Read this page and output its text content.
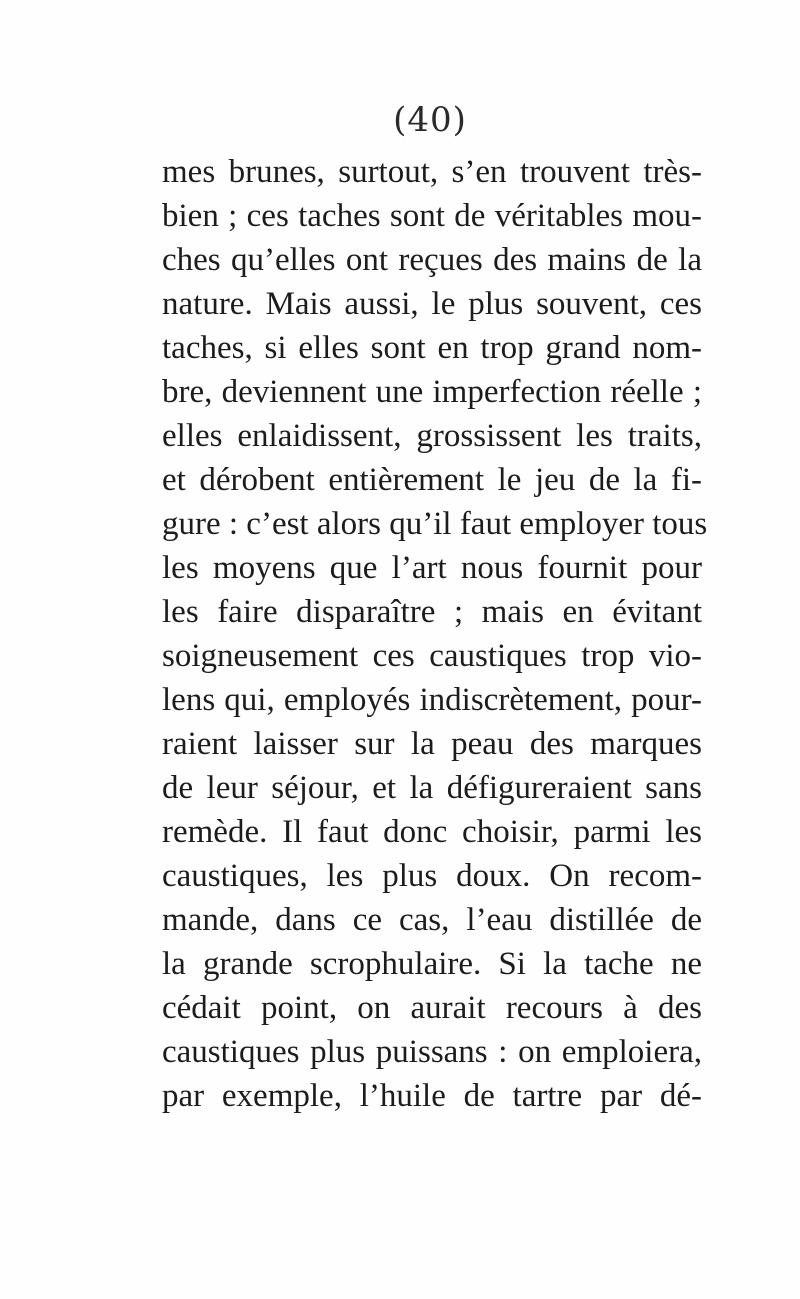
(40)
mes brunes, surtout, s’en trouvent très-
bien ; ces taches sont de véritables mou-
ches qu’elles ont reçues des mains de la
nature. Mais aussi, le plus souvent, ces
taches, si elles sont en trop grand nom-
bre, deviennent une imperfection réelle ;
elles enlaidissent, grossissent les traits,
et dérobent entièrement le jeu de la fi-
gure : c’est alors qu’il faut employer tous
les moyens que l’art nous fournit pour
les faire disparaître ; mais en évitant
soigneusement ces caustiques trop vio-
lens qui, employés indiscrètement, pour-
raient laisser sur la peau des marques
de leur séjour, et la défigureraient sans
remède. Il faut donc choisir, parmi les
caustiques, les plus doux. On recom-
mande, dans ce cas, l’eau distillée de
la grande scrophulaire. Si la tache ne
cédait point, on aurait recours à des
caustiques plus puissans : on emploiera,
par exemple, l’huile de tartre par dé-
